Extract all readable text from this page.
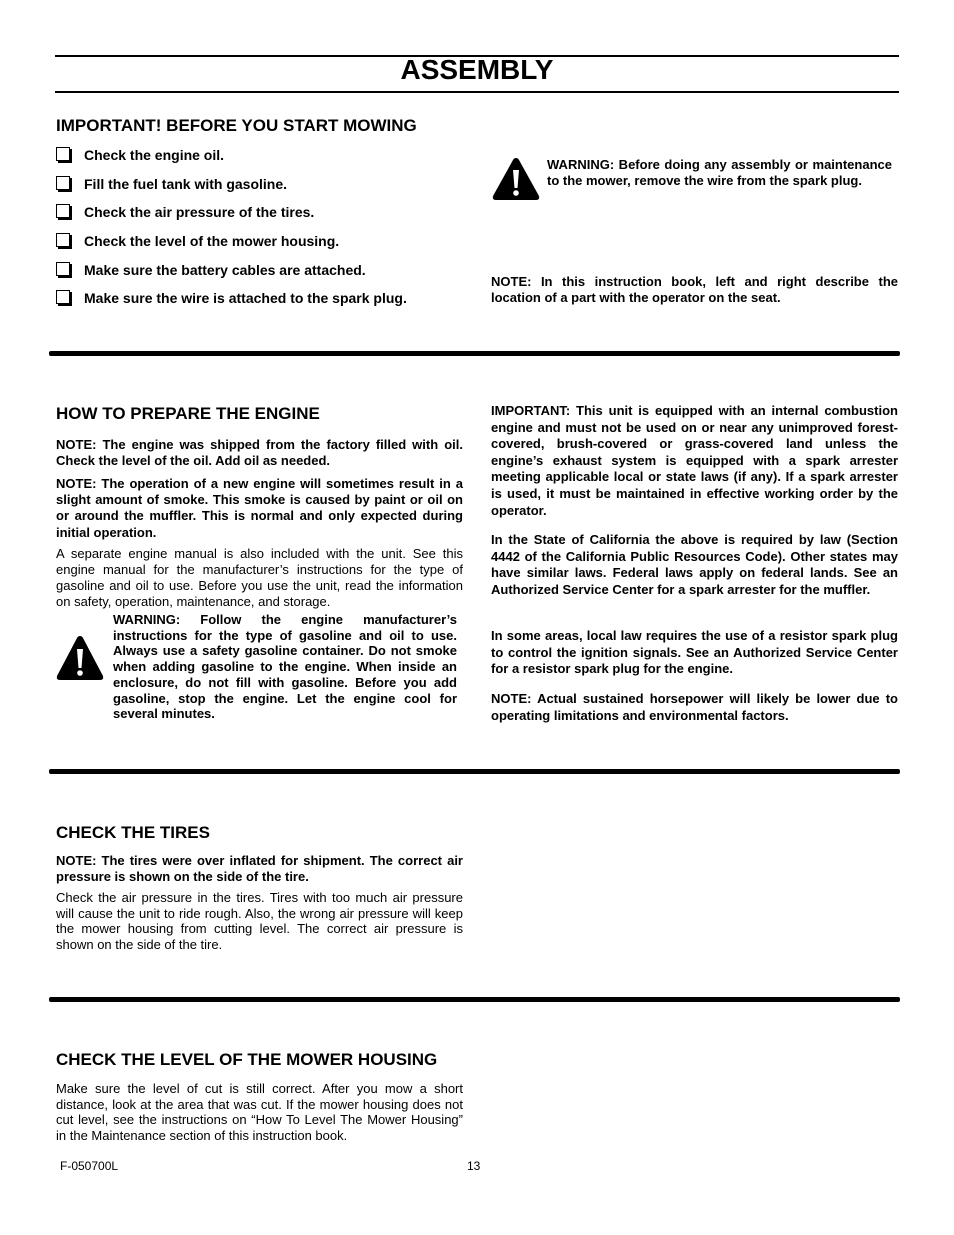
ASSEMBLY
IMPORTANT! BEFORE YOU START MOWING
Check the engine oil.
Fill the fuel tank with gasoline.
Check the air pressure of the tires.
Check the level of the mower housing.
Make sure the battery cables are attached.
Make sure the wire is attached to the spark plug.

WARNING: Before doing any assembly or maintenance to the mower, remove the wire from the spark plug.

NOTE: In this instruction book, left and right describe the location of a part with the operator on the seat.

HOW TO PREPARE THE ENGINE

NOTE: The engine was shipped from the factory filled with oil. Check the level of the oil. Add oil as needed.

NOTE: The operation of a new engine will sometimes result in a slight amount of smoke. This smoke is caused by paint or oil on or around the muffler. This is normal and only expected during initial operation.

A separate engine manual is also included with the unit. See this engine manual for the manufacturer’s instructions for the type of gasoline and oil to use. Before you use the unit, read the information on safety, operation, maintenance, and storage.

WARNING: Follow the engine manufacturer’s instructions for the type of gasoline and oil to use. Always use a safety gasoline container. Do not smoke when adding gasoline to the engine. When inside an enclosure, do not fill with gasoline. Before you add gasoline, stop the engine. Let the engine cool for several minutes.

IMPORTANT: This unit is equipped with an internal combustion engine and must not be used on or near any unimproved forest-covered, brush-covered or grass-covered land unless the engine’s exhaust system is equipped with a spark arrester meeting applicable local or state laws (if any). If a spark arrester is used, it must be maintained in effective working order by the operator.

In the State of California the above is required by law (Section 4442 of the California Public Resources Code). Other states may have similar laws. Federal laws apply on federal lands. See an Authorized Service Center for a spark arrester for the muffler.

In some areas, local law requires the use of a resistor spark plug to control the ignition signals. See an Authorized Service Center for a resistor spark plug for the engine.

NOTE: Actual sustained horsepower will likely be lower due to operating limitations and environmental factors.

CHECK THE TIRES

NOTE: The tires were over inflated for shipment. The correct air pressure is shown on the side of the tire.

Check the air pressure in the tires. Tires with too much air pressure will cause the unit to ride rough. Also, the wrong air pressure will keep the mower housing from cutting level. The correct air pressure is shown on the side of the tire.

CHECK THE LEVEL OF THE MOWER HOUSING

Make sure the level of cut is still correct. After you mow a short distance, look at the area that was cut. If the mower housing does not cut level, see the instructions on “How To Level The Mower Housing” in the Maintenance section of this instruction book.

F-050700L	13
